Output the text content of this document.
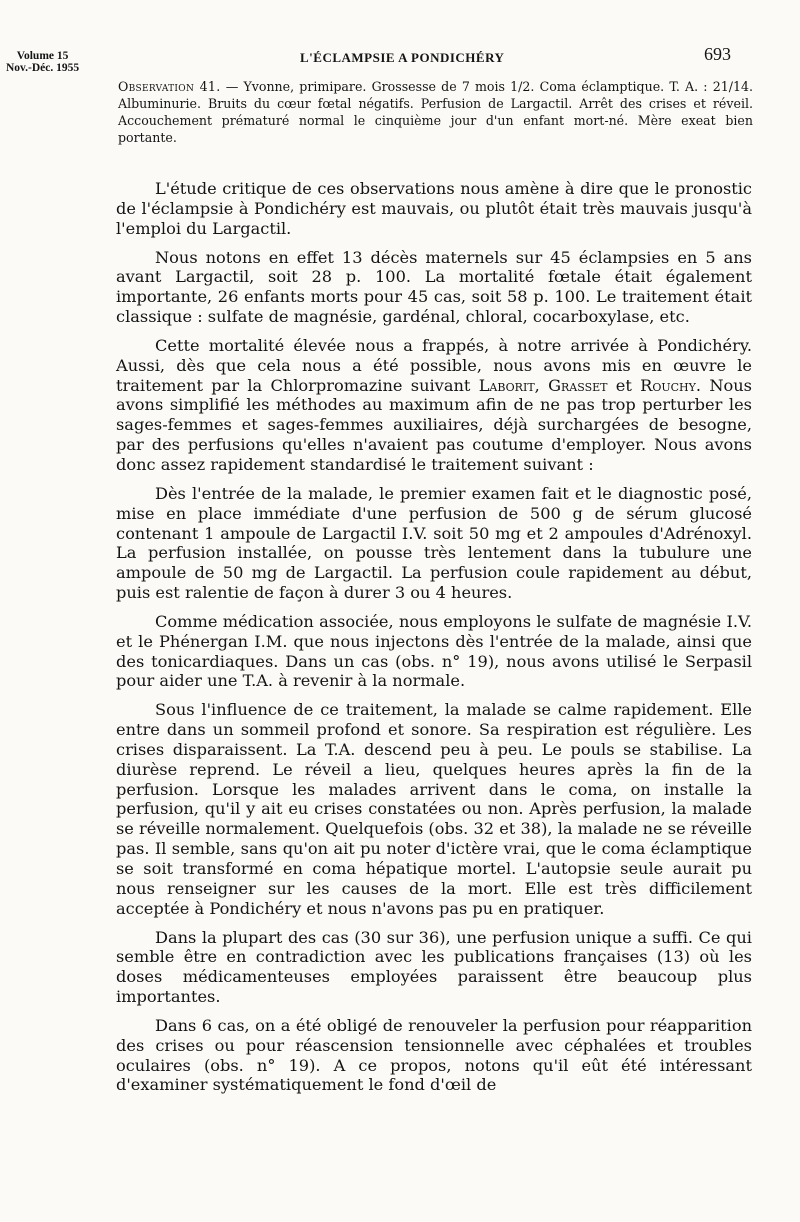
Volume 15
Nov.-Déc. 1955
L'ÉCLAMPSIE A PONDICHÉRY	693
Observation 41. — Yvonne, primipare. Grossesse de 7 mois 1/2. Coma éclamptique. T. A. : 21/14. Albuminurie. Bruits du cœur fœtal négatifs. Perfusion de Largactil. Arrêt des crises et réveil. Accouchement prématuré normal le cinquième jour d'un enfant mort-né. Mère exeat bien portante.

L'étude critique de ces observations nous amène à dire que le pronostic de l'éclampsie à Pondichéry est mauvais, ou plutôt était très mauvais jusqu'à l'emploi du Largactil.

Nous notons en effet 13 décès maternels sur 45 éclampsies en 5 ans avant Largactil, soit 28 p. 100. La mortalité fœtale était également importante, 26 enfants morts pour 45 cas, soit 58 p. 100. Le traitement était classique : sulfate de magnésie, gardénal, chloral, cocarboxylase, etc.

Cette mortalité élevée nous a frappés, à notre arrivée à Pondichéry. Aussi, dès que cela nous a été possible, nous avons mis en œuvre le traitement par la Chlorpromazine suivant Laborit, Grasset et Rouchy. Nous avons simplifié les méthodes au maximum afin de ne pas trop perturber les sages-femmes et sages-femmes auxiliaires, déjà surchargées de besogne, par des perfusions qu'elles n'avaient pas coutume d'employer. Nous avons donc assez rapidement standardisé le traitement suivant :

Dès l'entrée de la malade, le premier examen fait et le diagnostic posé, mise en place immédiate d'une perfusion de 500 g de sérum glucosé contenant 1 ampoule de Largactil I.V. soit 50 mg et 2 ampoules d'Adrénoxyl. La perfusion installée, on pousse très lentement dans la tubulure une ampoule de 50 mg de Largactil. La perfusion coule rapidement au début, puis est ralentie de façon à durer 3 ou 4 heures.

Comme médication associée, nous employons le sulfate de magnésie I.V. et le Phénergan I.M. que nous injectons dès l'entrée de la malade, ainsi que des tonicardiaques. Dans un cas (obs. n° 19), nous avons utilisé le Serpasil pour aider une T.A. à revenir à la normale.

Sous l'influence de ce traitement, la malade se calme rapidement. Elle entre dans un sommeil profond et sonore. Sa respiration est régulière. Les crises disparaissent. La T.A. descend peu à peu. Le pouls se stabilise. La diurèse reprend. Le réveil a lieu, quelques heures après la fin de la perfusion. Lorsque les malades arrivent dans le coma, on installe la perfusion, qu'il y ait eu crises constatées ou non. Après perfusion, la malade se réveille normalement. Quelquefois (obs. 32 et 38), la malade ne se réveille pas. Il semble, sans qu'on ait pu noter d'ictère vrai, que le coma éclamptique se soit transformé en coma hépatique mortel. L'autopsie seule aurait pu nous renseigner sur les causes de la mort. Elle est très difficilement acceptée à Pondichéry et nous n'avons pas pu en pratiquer.

Dans la plupart des cas (30 sur 36), une perfusion unique a suffi. Ce qui semble être en contradiction avec les publications françaises (13) où les doses médicamenteuses employées paraissent être beaucoup plus importantes.

Dans 6 cas, on a été obligé de renouveler la perfusion pour réapparition des crises ou pour réascension tensionnelle avec céphalées et troubles oculaires (obs. n° 19). A ce propos, notons qu'il eût été intéressant d'examiner systématiquement le fond d'œil de
